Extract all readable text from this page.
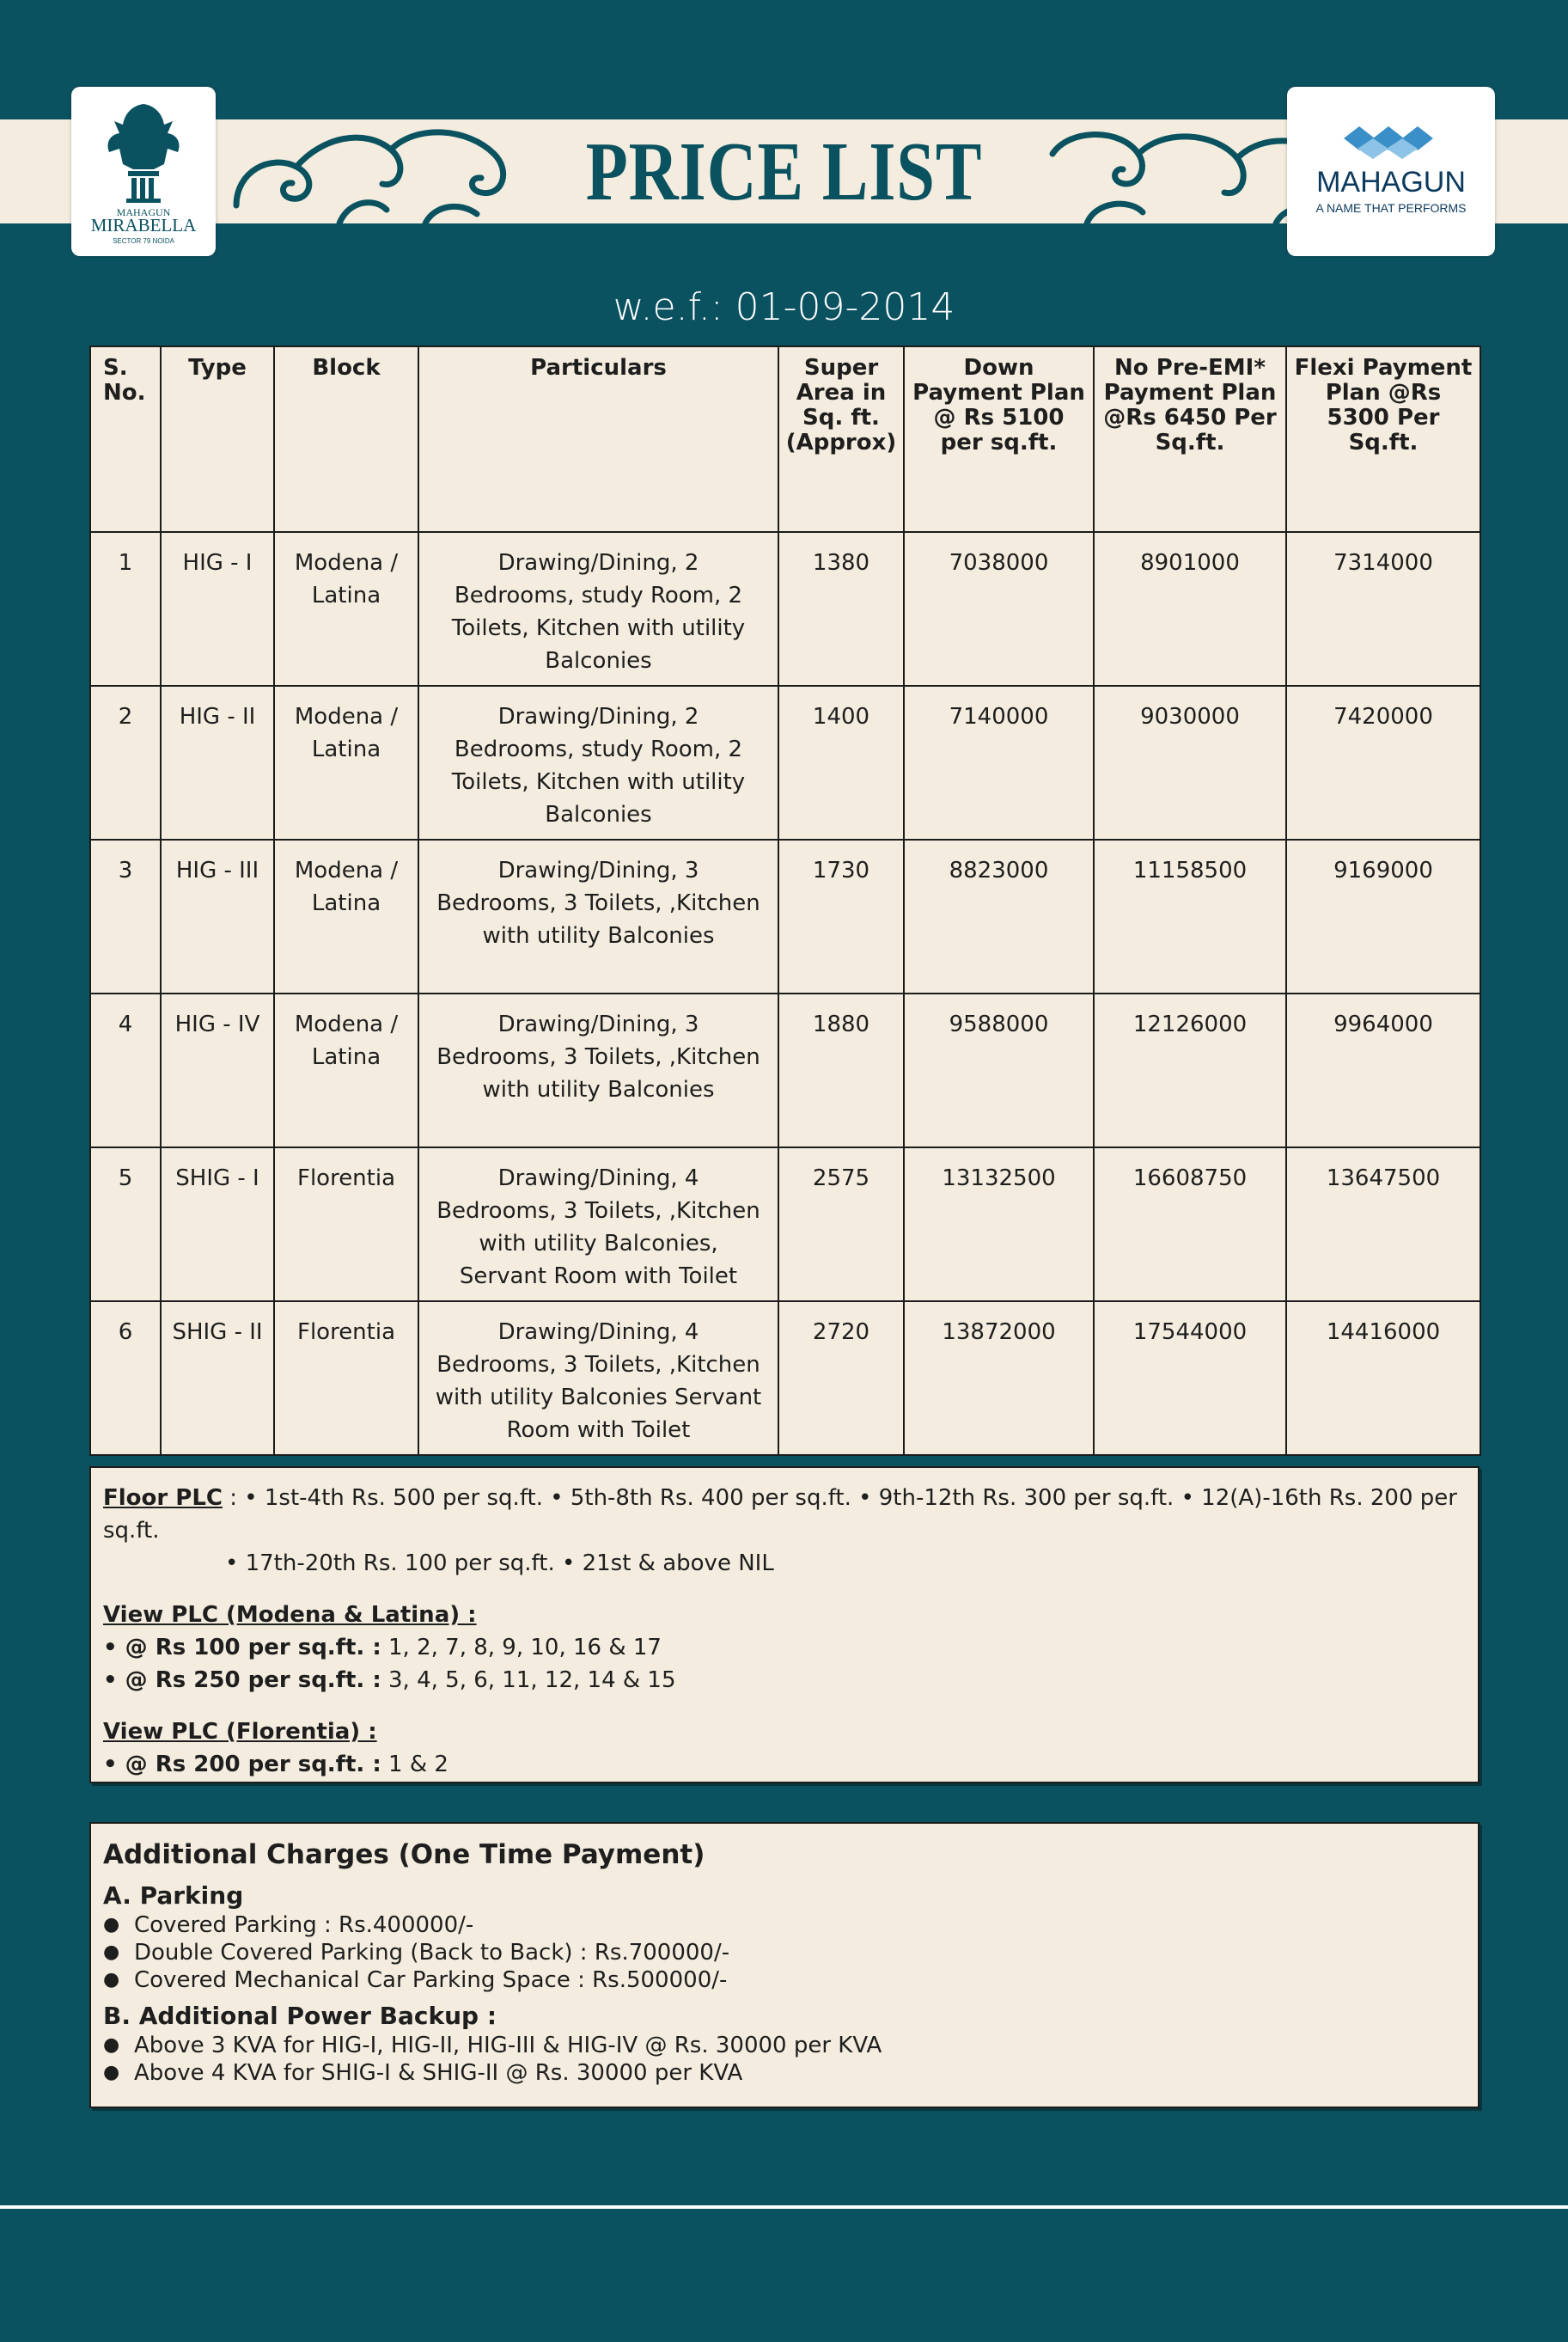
MAHAGUN
MIRABELLA
SECTOR 79 NOIDA
MAHAGUN
A NAME THAT PERFORMS
PRICE LIST
w.e.f.: 01-09-2014
S. No.	Type	Block	Particulars	Super Area in Sq. ft. (Approx)	Down Payment Plan @ Rs 5100 per sq.ft.	No Pre-EMI* Payment Plan @Rs 6450 Per Sq.ft.	Flexi Payment Plan @Rs 5300 Per Sq.ft.
1	HIG - I	Modena / Latina	Drawing/Dining, 2 Bedrooms, study Room, 2 Toilets, Kitchen with utility Balconies	1380	7038000	8901000	7314000
2	HIG - II	Modena / Latina	Drawing/Dining, 2 Bedrooms, study Room, 2 Toilets, Kitchen with utility Balconies	1400	7140000	9030000	7420000
3	HIG - III	Modena / Latina	Drawing/Dining, 3 Bedrooms, 3 Toilets, ,Kitchen with utility Balconies	1730	8823000	11158500	9169000
4	HIG - IV	Modena / Latina	Drawing/Dining, 3 Bedrooms, 3 Toilets, ,Kitchen with utility Balconies	1880	9588000	12126000	9964000
5	SHIG - I	Florentia	Drawing/Dining, 4 Bedrooms, 3 Toilets, ,Kitchen with utility Balconies, Servant Room with Toilet	2575	13132500	16608750	13647500
6	SHIG - II	Florentia	Drawing/Dining, 4 Bedrooms, 3 Toilets, ,Kitchen with utility Balconies Servant Room with Toilet	2720	13872000	17544000	14416000
Floor PLC : • 1st-4th Rs. 500 per sq.ft. • 5th-8th Rs. 400 per sq.ft. • 9th-12th Rs. 300 per sq.ft. • 12(A)-16th Rs. 200 per sq.ft.
• 17th-20th Rs. 100 per sq.ft. • 21st & above NIL
View PLC (Modena & Latina) :
• @ Rs 100 per sq.ft. : 1, 2, 7, 8, 9, 10, 16 & 17
• @ Rs 250 per sq.ft. : 3, 4, 5, 6, 11, 12, 14 & 15
View PLC (Florentia) :
• @ Rs 200 per sq.ft. : 1 & 2
Additional Charges (One Time Payment)
A. Parking
● Covered Parking : Rs.400000/-
● Double Covered Parking (Back to Back) : Rs.700000/-
● Covered Mechanical Car Parking Space : Rs.500000/-
B. Additional Power Backup :
● Above 3 KVA for HIG-I, HIG-II, HIG-III & HIG-IV @ Rs. 30000 per KVA
● Above 4 KVA for SHIG-I & SHIG-II @ Rs. 30000 per KVA
